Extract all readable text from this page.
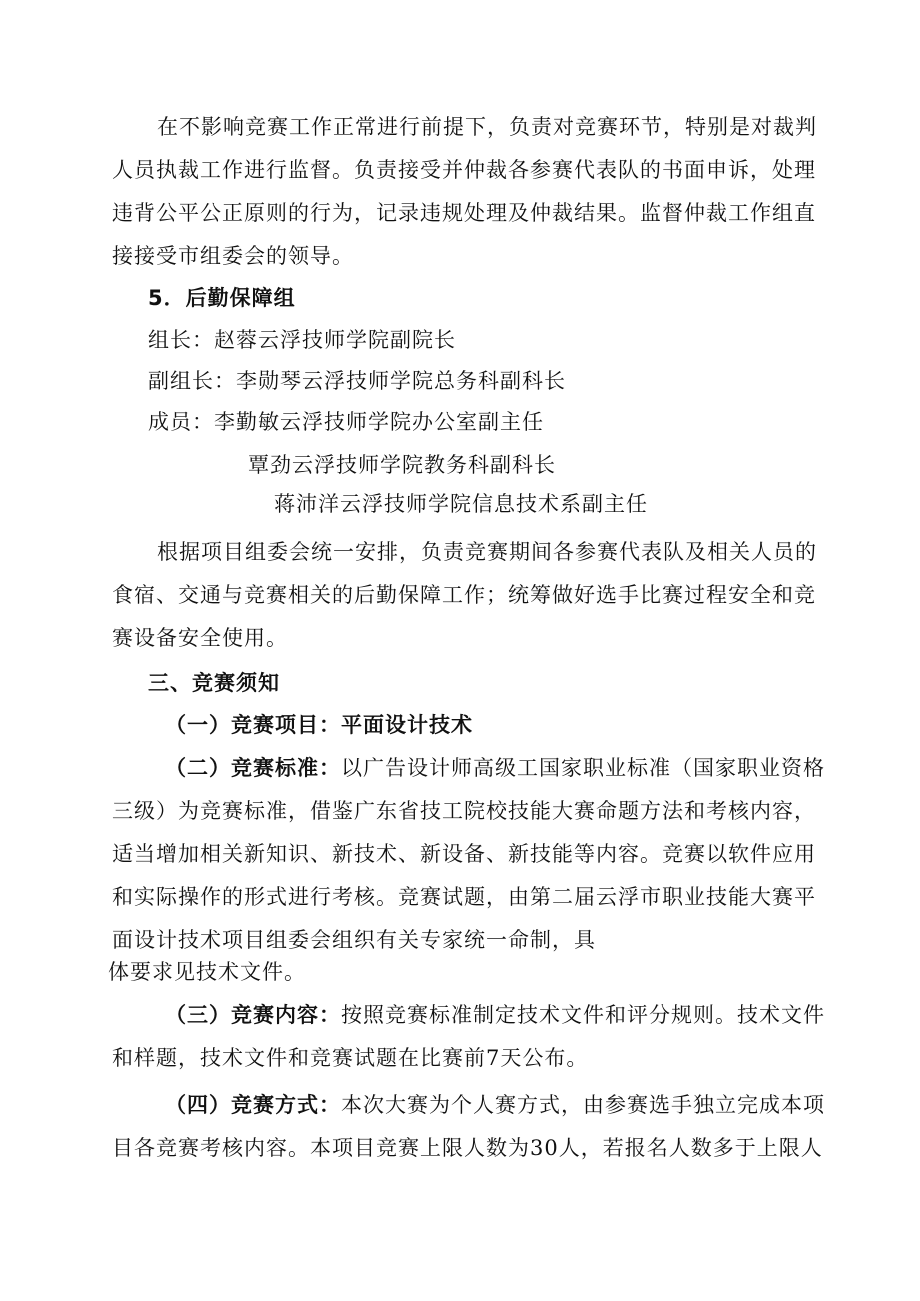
在不影响竞赛工作正常进行前提下，负责对竞赛环节，特别是对裁判
人员执裁工作进行监督。负责接受并仲裁各参赛代表队的书面申诉，处理
违背公平公正原则的行为，记录违规处理及仲裁结果。监督仲裁工作组直
接接受市组委会的领导。
5．后勤保障组
组长：赵蓉云浮技师学院副院长
副组长：李勋琴云浮技师学院总务科副科长
成员：李勤敏云浮技师学院办公室副主任
覃劲云浮技师学院教务科副科长
蒋沛洋云浮技师学院信息技术系副主任
根据项目组委会统一安排，负责竞赛期间各参赛代表队及相关人员的
食宿、交通与竞赛相关的后勤保障工作；统筹做好选手比赛过程安全和竞
赛设备安全使用。
三、竞赛须知
（一）竞赛项目：平面设计技术
（二）竞赛标准：以广告设计师高级工国家职业标准（国家职业资格
三级）为竞赛标准，借鉴广东省技工院校技能大赛命题方法和考核内容，
适当增加相关新知识、新技术、新设备、新技能等内容。竞赛以软件应用
和实际操作的形式进行考核。竞赛试题，由第二届云浮市职业技能大赛平
面设计技术项目组委会组织有关专家统一命制，具
体要求见技术文件。
（三）竞赛内容：按照竞赛标准制定技术文件和评分规则。技术文件
和样题，技术文件和竞赛试题在比赛前7天公布。
（四）竞赛方式：本次大赛为个人赛方式，由参赛选手独立完成本项
目各竞赛考核内容。本项目竞赛上限人数为30人，若报名人数多于上限人
